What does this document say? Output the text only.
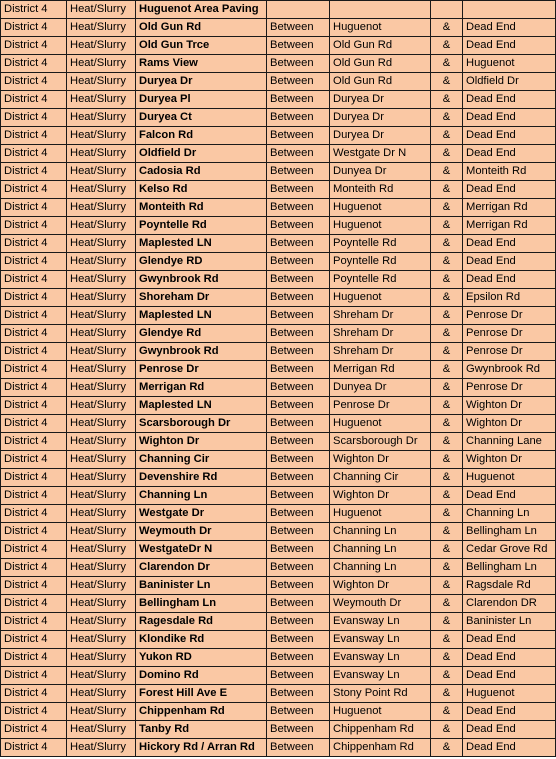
District 4	Heat/Slurry	Huguenot Area Paving				
District 4	Heat/Slurry	Old Gun Rd	Between	Huguenot	&	Dead End
District 4	Heat/Slurry	Old Gun Trce	Between	Old Gun Rd	&	Dead End
District 4	Heat/Slurry	Rams View	Between	Old Gun Rd	&	Huguenot
District 4	Heat/Slurry	Duryea Dr	Between	Old Gun Rd	&	Oldfield Dr
District 4	Heat/Slurry	Duryea Pl	Between	Duryea Dr	&	Dead End
District 4	Heat/Slurry	Duryea Ct	Between	Duryea Dr	&	Dead End
District 4	Heat/Slurry	Falcon Rd	Between	Duryea Dr	&	Dead End
District 4	Heat/Slurry	Oldfield Dr	Between	Westgate Dr N	&	Dead End
District 4	Heat/Slurry	Cadosia Rd	Between	Dunyea Dr	&	Monteith Rd
District 4	Heat/Slurry	Kelso Rd	Between	Monteith Rd	&	Dead End
District 4	Heat/Slurry	Monteith Rd	Between	Huguenot	&	Merrigan Rd
District 4	Heat/Slurry	Poyntelle Rd	Between	Huguenot	&	Merrigan Rd
District 4	Heat/Slurry	Maplested LN	Between	Poyntelle Rd	&	Dead End
District 4	Heat/Slurry	Glendye RD	Between	Poyntelle Rd	&	Dead End
District 4	Heat/Slurry	Gwynbrook Rd	Between	Poyntelle Rd	&	Dead End
District 4	Heat/Slurry	Shoreham Dr	Between	Huguenot	&	Epsilon Rd
District 4	Heat/Slurry	Maplested LN	Between	Shreham Dr	&	Penrose Dr
District 4	Heat/Slurry	Glendye Rd	Between	Shreham Dr	&	Penrose Dr
District 4	Heat/Slurry	Gwynbrook Rd	Between	Shreham Dr	&	Penrose Dr
District 4	Heat/Slurry	Penrose Dr	Between	Merrigan Rd	&	Gwynbrook Rd
District 4	Heat/Slurry	Merrigan Rd	Between	Dunyea Dr	&	Penrose Dr
District 4	Heat/Slurry	Maplested LN	Between	Penrose Dr	&	Wighton Dr
District 4	Heat/Slurry	Scarsborough Dr	Between	Huguenot	&	Wighton Dr
District 4	Heat/Slurry	Wighton Dr	Between	Scarsborough Dr	&	Channing Lane
District 4	Heat/Slurry	Channing Cir	Between	Wighton Dr	&	Wighton Dr
District 4	Heat/Slurry	Devenshire Rd	Between	Channing Cir	&	Huguenot
District 4	Heat/Slurry	Channing Ln	Between	Wighton Dr	&	Dead End
District 4	Heat/Slurry	Westgate Dr	Between	Huguenot	&	Channing Ln
District 4	Heat/Slurry	Weymouth Dr	Between	Channing Ln	&	Bellingham Ln
District 4	Heat/Slurry	WestgateDr N	Between	Channing Ln	&	Cedar Grove Rd
District 4	Heat/Slurry	Clarendon Dr	Between	Channing Ln	&	Bellingham Ln
District 4	Heat/Slurry	Baninister Ln	Between	Wighton Dr	&	Ragsdale Rd
District 4	Heat/Slurry	Bellingham Ln	Between	Weymouth Dr	&	Clarendon DR
District 4	Heat/Slurry	Ragesdale Rd	Between	Evansway Ln	&	Baninister Ln
District 4	Heat/Slurry	Klondike Rd	Between	Evansway Ln	&	Dead End
District 4	Heat/Slurry	Yukon RD	Between	Evansway Ln	&	Dead End
District 4	Heat/Slurry	Domino Rd	Between	Evansway Ln	&	Dead End
District 4	Heat/Slurry	Forest Hill Ave E	Between	Stony Point Rd	&	Huguenot
District 4	Heat/Slurry	Chippenham Rd	Between	Huguenot	&	Dead End
District 4	Heat/Slurry	Tanby Rd	Between	Chippenham Rd	&	Dead End
District 4	Heat/Slurry	Hickory Rd / Arran Rd	Between	Chippenham Rd	&	Dead End
